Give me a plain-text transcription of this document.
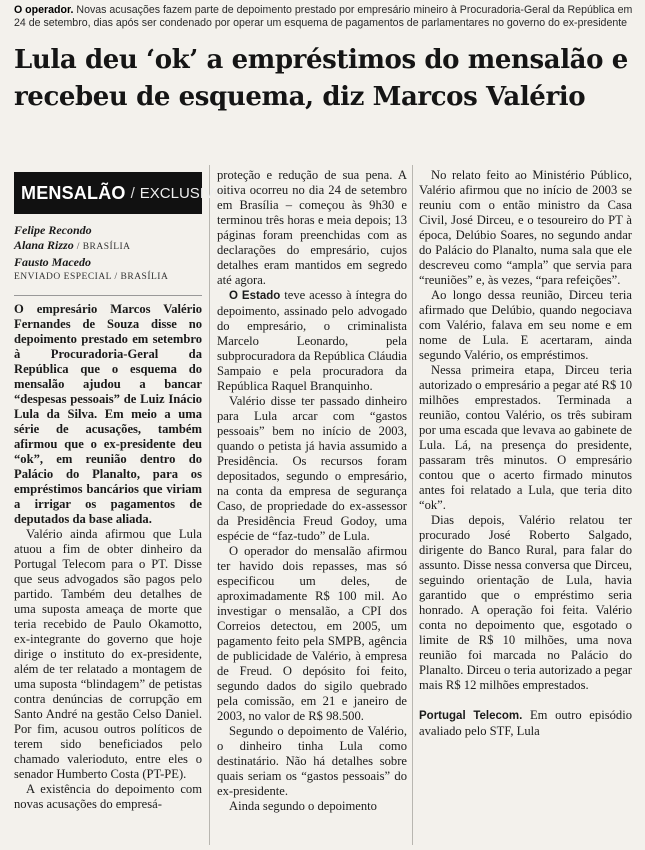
O operador. Novas acusações fazem parte de depoimento prestado por empresário mineiro à Procuradoria-Geral da República em 24 de setembro, dias após ser condenado por operar um esquema de pagamentos de parlamentares no governo do ex-presidente
Lula deu ‘ok’ a empréstimos do mensalão e recebeu de esquema, diz Marcos Valério
MENSALÃO / EXCLUSIVO
Felipe Recondo
Alana Rizzo / BRASÍLIA
Fausto Macedo
ENVIADO ESPECIAL / BRASÍLIA

O empresário Marcos Valério Fernandes de Souza disse no depoimento prestado em setembro à Procuradoria-Geral da República que o esquema do mensalão ajudou a bancar “despesas pessoais” de Luiz Inácio Lula da Silva. Em meio a uma série de acusações, também afirmou que o ex-presidente deu “ok”, em reunião dentro do Palácio do Planalto, para os empréstimos bancários que viriam a irrigar os pagamentos de deputados da base aliada.

Valério ainda afirmou que Lula atuou a fim de obter dinheiro da Portugal Telecom para o PT. Disse que seus advogados são pagos pelo partido. Também deu detalhes de uma suposta ameaça de morte que teria recebido de Paulo Okamotto, ex-integrante do governo que hoje dirige o instituto do ex-presidente, além de ter relatado a montagem de uma suposta “blindagem” de petistas contra denúncias de corrupção em Santo André na gestão Celso Daniel. Por fim, acusou outros políticos de terem sido beneficiados pelo chamado valerioduto, entre eles o senador Humberto Costa (PT-PE).

A existência do depoimento com novas acusações do empresá-

proteção e redução de sua pena. A oitiva ocorreu no dia 24 de setembro em Brasília – começou às 9h30 e terminou três horas e meia depois; 13 páginas foram preenchidas com as declarações do empresário, cujos detalhes eram mantidos em segredo até agora.

O Estado teve acesso à íntegra do depoimento, assinado pelo advogado do empresário, o criminalista Marcelo Leonardo, pela subprocuradora da República Cláudia Sampaio e pela procuradora da República Raquel Branquinho.

Valério disse ter passado dinheiro para Lula arcar com “gastos pessoais” bem no início de 2003, quando o petista já havia assumido a Presidência. Os recursos foram depositados, segundo o empresário, na conta da empresa de segurança Caso, de propriedade do ex-assessor da Presidência Freud Godoy, uma espécie de “faz-tudo” de Lula.

O operador do mensalão afirmou ter havido dois repasses, mas só especificou um deles, de aproximadamente R$ 100 mil. Ao investigar o mensalão, a CPI dos Correios detectou, em 2005, um pagamento feito pela SMPB, agência de publicidade de Valério, à empresa de Freud. O depósito foi feito, segundo dados do sigilo quebrado pela comissão, em 21 e janeiro de 2003, no valor de R$ 98.500.

Segundo o depoimento de Valério, o dinheiro tinha Lula como destinatário. Não há detalhes sobre quais seriam os “gastos pessoais” do ex-presidente.

Ainda segundo o depoimento

No relato feito ao Ministério Público, Valério afirmou que no início de 2003 se reuniu com o então ministro da Casa Civil, José Dirceu, e o tesoureiro do PT à época, Delúbio Soares, no segundo andar do Palácio do Planalto, numa sala que ele descreveu como “ampla” que servia para “reuniões” e, às vezes, “para refeições”.

Ao longo dessa reunião, Dirceu teria afirmado que Delúbio, quando negociava com Valério, falava em seu nome e em nome de Lula. E acertaram, ainda segundo Valério, os empréstimos.

Nessa primeira etapa, Dirceu teria autorizado o empresário a pegar até R$ 10 milhões emprestados. Terminada a reunião, contou Valério, os três subiram por uma escada que levava ao gabinete de Lula. Lá, na presença do presidente, passaram três minutos. O empresário contou que o acerto firmado minutos antes foi relatado a Lula, que teria dito “ok”.

Dias depois, Valério relatou ter procurado José Roberto Salgado, dirigente do Banco Rural, para falar do assunto. Disse nessa conversa que Dirceu, seguindo orientação de Lula, havia garantido que o empréstimo seria honrado. A operação foi feita. Valério conta no depoimento que, esgotado o limite de R$ 10 milhões, uma nova reunião foi marcada no Palácio do Planalto. Dirceu o teria autorizado a pegar mais R$ 12 milhões emprestados.

Portugal Telecom. Em outro episódio avaliado pelo STF, Lula
